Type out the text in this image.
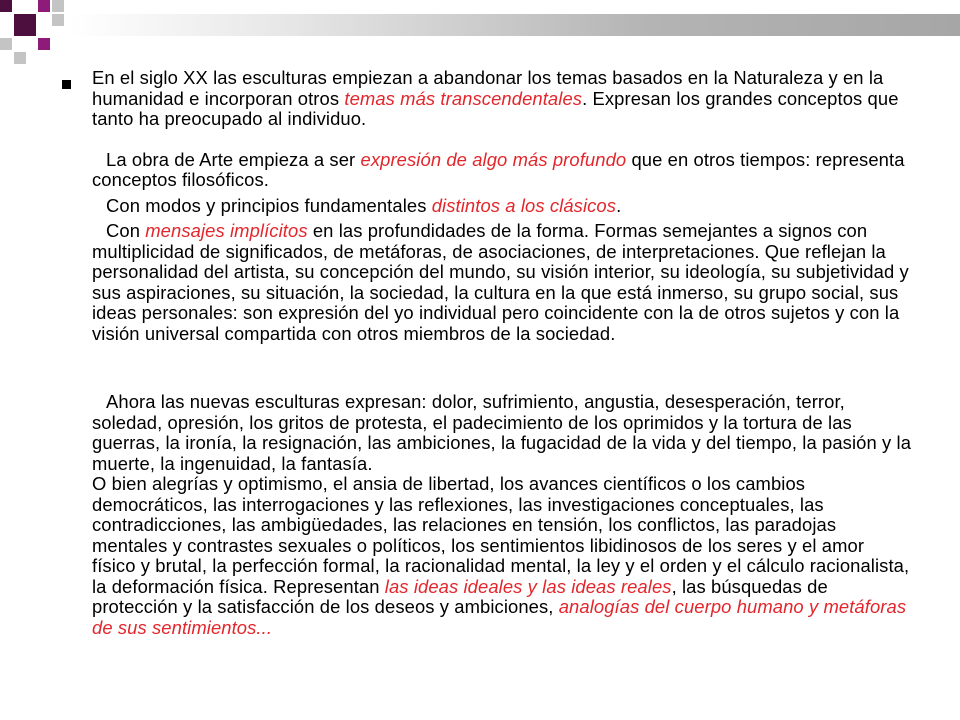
En el siglo XX las esculturas empiezan a abandonar los temas basados en la Naturaleza y en la humanidad e incorporan otros temas más transcendentales. Expresan los grandes conceptos que tanto ha preocupado al individuo.

La obra de Arte empieza a ser expresión de algo más profundo que en otros tiempos: representa conceptos filosóficos.

Con modos y principios fundamentales distintos a los clásicos.

Con mensajes implícitos en las profundidades de la forma. Formas semejantes a signos con multiplicidad de significados, de metáforas, de asociaciones, de interpretaciones. Que reflejan la personalidad del artista, su concepción del mundo, su visión interior, su ideología, su subjetividad y sus aspiraciones, su situación, la sociedad, la cultura en la que está inmerso, su grupo social, sus ideas personales: son expresión del yo individual pero coincidente con la de otros sujetos y con la visión universal compartida con otros miembros de la sociedad.

Ahora las nuevas esculturas expresan: dolor, sufrimiento, angustia, desesperación, terror, soledad, opresión, los gritos de protesta, el padecimiento de los oprimidos y la tortura de las guerras, la ironía, la resignación, las ambiciones, la fugacidad de la vida y del tiempo, la pasión y la muerte, la ingenuidad, la fantasía.

O bien alegrías y optimismo, el ansia de libertad, los avances científicos o los cambios democráticos, las interrogaciones y las reflexiones, las investigaciones conceptuales, las contradicciones, las ambigüedades, las relaciones en tensión, los conflictos, las paradojas mentales y contrastes sexuales o políticos, los sentimientos libidinosos de los seres y el amor físico y brutal, la perfección formal, la racionalidad mental, la ley y el orden y el cálculo racionalista, la deformación física. Representan las ideas ideales y las ideas reales, las búsquedas de protección y la satisfacción de los deseos y ambiciones, analogías del cuerpo humano y metáforas de sus sentimientos...
